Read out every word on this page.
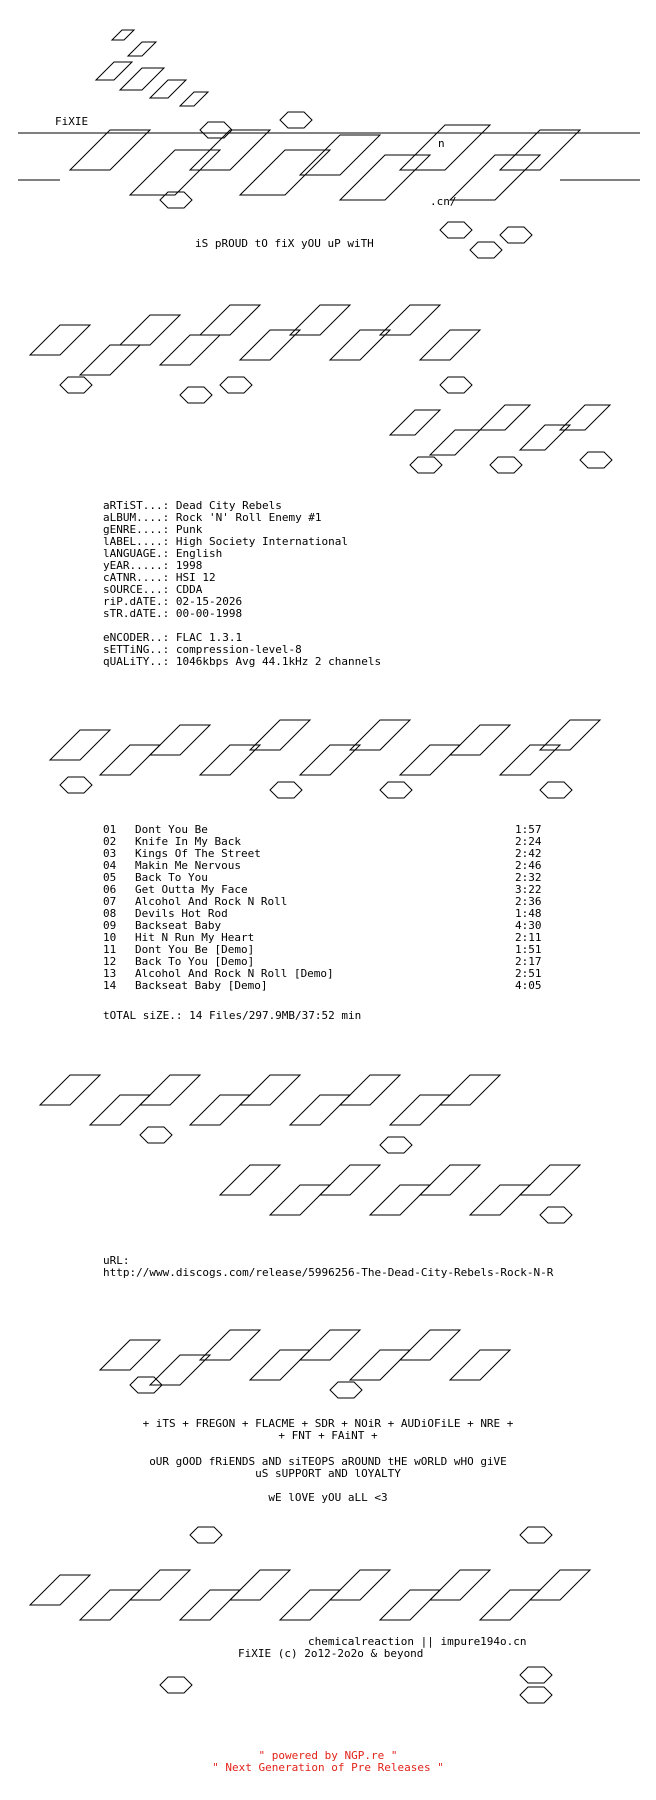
FiXIE
n
.cn/
iS pROUD tO fiX yOU uP wiTH
aRTiST...: Dead City Rebels
aLBUM....: Rock 'N' Roll Enemy #1
gENRE....: Punk
lABEL....: High Society International
lANGUAGE.: English
yEAR.....: 1998
cATNR....: HSI 12
sOURCE...: CDDA
riP.dATE.: 02-15-2026
sTR.dATE.: 00-00-1998
eNCODER..: FLAC 1.3.1
sETTiNG..: compression-level-8
qUALiTY..: 1046kbps Avg 44.1kHz 2 channels
01 Dont You Be	1:57
02 Knife In My Back	2:24
03 Kings Of The Street	2:42
04 Makin Me Nervous	2:46
05 Back To You	2:32
06 Get Outta My Face	3:22
07 Alcohol And Rock N Roll	2:36
08 Devils Hot Rod	1:48
09 Backseat Baby	4:30
10 Hit N Run My Heart	2:11
11 Dont You Be [Demo]	1:51
12 Back To You [Demo]	2:17
13 Alcohol And Rock N Roll [Demo]	2:51
14 Backseat Baby [Demo]	4:05
tOTAL siZE.: 14 Files/297.9MB/37:52 min
uRL:
http://www.discogs.com/release/5996256-The-Dead-City-Rebels-Rock-N-R
+ iTS + FREGON + FLACME + SDR + NOiR + AUDiOFiLE + NRE +
+ FNT + FAiNT +
oUR gOOD fRiENDS aND siTEOPS aROUND tHE wORLD wHO giVE
uS sUPPORT aND lOYALTY
wE lOVE yOU aLL <3
chemicalreaction || impure194o.cn
FiXIE (c) 2o12-2o2o & beyond
" powered by NGP.re "
" Next Generation of Pre Releases "
